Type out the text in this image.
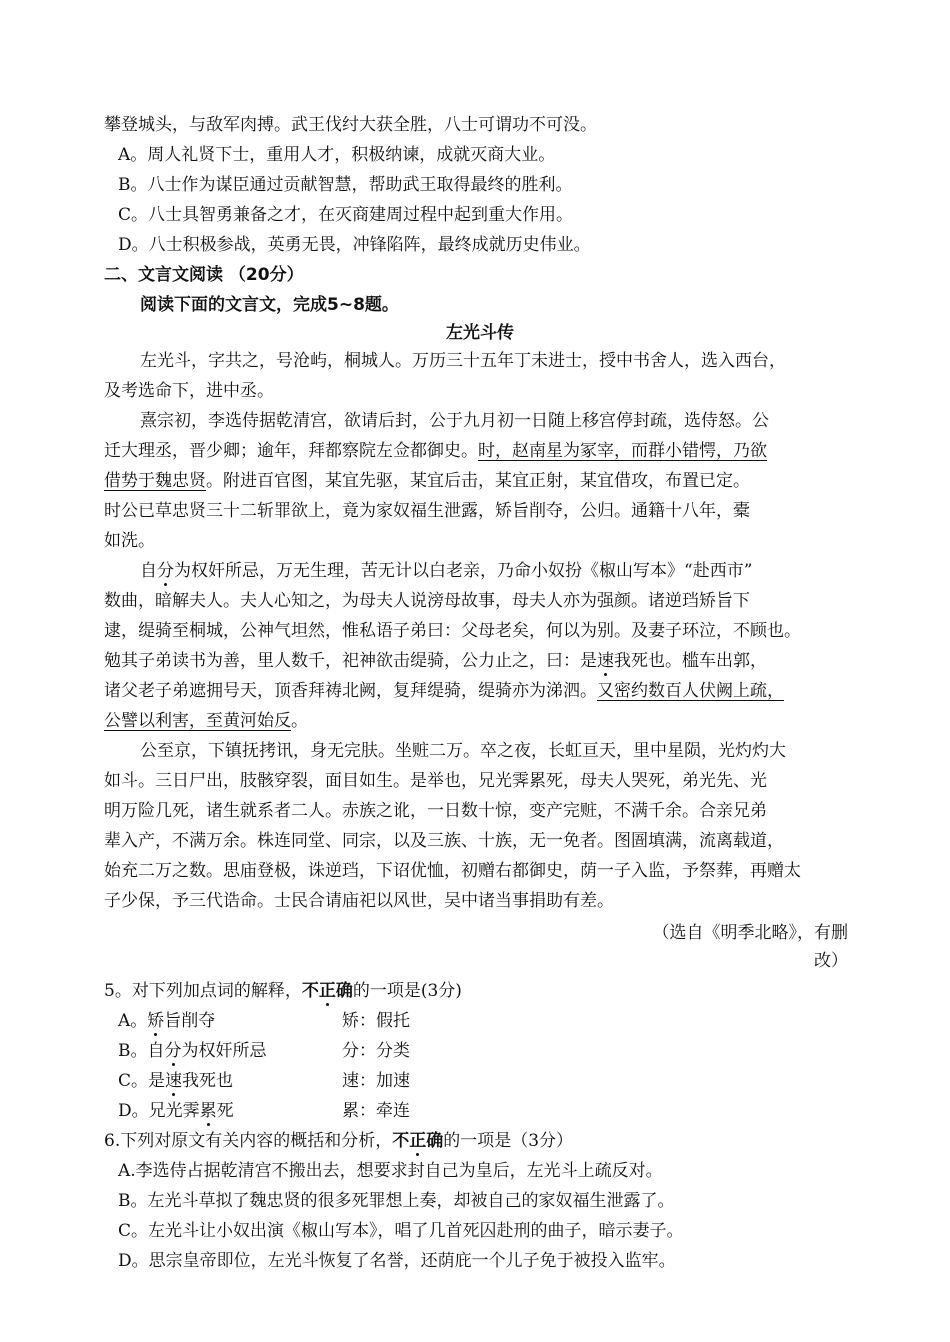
攀登城头，与敌军肉搏。武王伐纣大获全胜，八士可谓功不可没。
A。周人礼贤下士，重用人才，积极纳谏，成就灭商大业。
B。八士作为谋臣通过贡献智慧，帮助武王取得最终的胜利。
C。八士具智勇兼备之才，在灭商建周过程中起到重大作用。
D。八士积极参战，英勇无畏，冲锋陷阵，最终成就历史伟业。
二、文言文阅读 （20分）
阅读下面的文言文，完成5~8题。
左光斗传
左光斗，字共之，号沧屿，桐城人。万历三十五年丁未进士，授中书舍人，选入西台，
及考选命下，进中丞。
熹宗初，李选侍据乾清宫，欲请后封，公于九月初一日随上移宫停封疏，选侍怒。公
迁大理丞，晋少卿；逾年，拜都察院左佥都御史。时，赵南星为冢宰，而群小错愕，乃欲
借势于魏忠贤。附进百官图，某宜先驱，某宜后击，某宜正射，某宜借攻，布置已定。
时公已草忠贤三十二斩罪欲上，竟为家奴福生泄露，矫旨削夺，公归。通籍十八年，橐
如洗。
自分为权奸所忌，万无生理，苦无计以白老亲，乃命小奴扮《椒山写本》“赴西市”
数曲，暗解夫人。夫人心知之，为母夫人说滂母故事，母夫人亦为强颜。诸逆珰矫旨下
逮，缇骑至桐城，公神气坦然，惟私语子弟曰：父母老矣，何以为别。及妻子环泣，不顾也。
勉其子弟读书为善，里人数千，祀神欲击缇骑，公力止之，曰：是速我死也。槛车出郭，
诸父老子弟遮拥号天，顶香拜祷北阙，复拜缇骑，缇骑亦为涕泗。又密约数百人伏阙上疏，
公譬以利害，至黄河始反。
公至京，下镇抚拷讯，身无完肤。坐赃二万。卒之夜，长虹亘天，里中星陨，光灼灼大
如斗。三日尸出，肢骸穿裂，面目如生。是举也，兄光霁累死，母夫人哭死，弟光先、光
明万险几死，诸生就系者二人。赤族之讹，一日数十惊，变产完赃，不满千余。合亲兄弟
辈入产，不满万余。株连同堂、同宗，以及三族、十族，无一免者。图圄填满，流离载道，
始充二万之数。思庙登极，诛逆珰，下诏优恤，初赠右都御史，荫一子入监，予祭葬，再赠太
子少保，予三代诰命。士民合请庙祀以风世，吴中诸当事捐助有差。
（选自《明季北略》，有删
改）
5。对下列加点词的解释，不正确的一项是(3分)
A。矫旨削夺	矫：假托
B。自分为权奸所忌	分：分类
C。是速我死也	速：加速
D。兄光霁累死	累：牵连
6.下列对原文有关内容的概括和分析，不正确的一项是（3分）
A.李选侍占据乾清宫不搬出去，想要求封自己为皇后，左光斗上疏反对。
B。左光斗草拟了魏忠贤的很多死罪想上奏，却被自己的家奴福生泄露了。
C。左光斗让小奴出演《椒山写本》，唱了几首死囚赴刑的曲子，暗示妻子。
D。思宗皇帝即位，左光斗恢复了名誉，还荫庇一个儿子免于被投入监牢。
